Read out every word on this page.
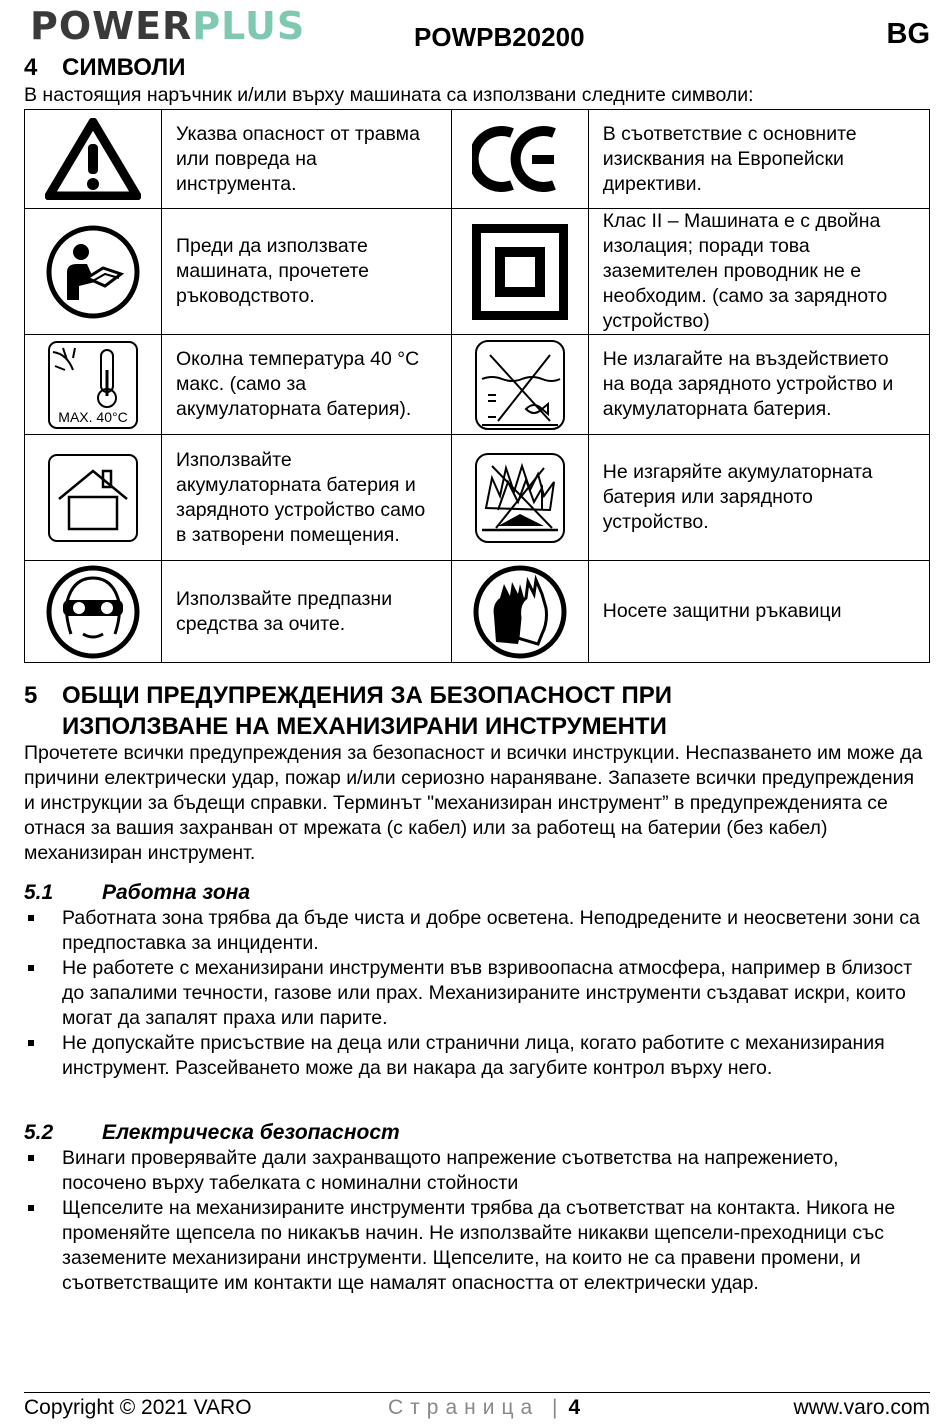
POWERPLUS	POWPB20200	BG
4 СИМВОЛИ
В настоящия наръчник и/или върху машината са използвани следните символи:
	Указва опасност от травма или повреда на инструмента.		В съответствие с основните изисквания на Европейски директиви.

	Преди да използвате машината, прочетете ръководството.		Клас II – Машината е с двойна изолация; поради това заземителен проводник не е необходим. (само за зарядното устройство)

MAX. 40°C	Околна температура 40 °C макс. (само за акумулаторната батерия).		Не излагайте на въздействието на вода зарядното устройство и акумулаторната батерия.

	Използвайте акумулаторната батерия и зарядното устройство само в затворени помещения.		Не изгаряйте акумулаторната батерия или зарядното устройство.

	Използвайте предпазни средства за очите.		Носете защитни ръкавици
5 ОБЩИ ПРЕДУПРЕЖДЕНИЯ ЗА БЕЗОПАСНОСТ ПРИ
ИЗПОЛЗВАНЕ НА МЕХАНИЗИРАНИ ИНСТРУМЕНТИ
Прочетете всички предупреждения за безопасност и всички инструкции. Неспазването им може да причини електрически удар, пожар и/или сериозно нараняване. Запазете всички предупреждения и инструкции за бъдещи справки. Терминът "механизиран инструмент” в предупрежденията се отнася за вашия захранван от мрежата (с кабел) или за работещ на батерии (без кабел) механизиран инструмент.
5.1 Работна зона
Работната зона трябва да бъде чиста и добре осветена. Неподредените и неосветени зони са предпоставка за инциденти.
Не работете с механизирани инструменти във взривоопасна атмосфера, например в близост до запалими течности, газове или прах. Механизираните инструменти създават искри, които могат да запалят праха или парите.
Не допускайте присъствие на деца или странични лица, когато работите с механизирания инструмент. Разсейването може да ви накара да загубите контрол върху него.
5.2 Електрическа безопасност
Винаги проверявайте дали захранващото напрежение съответства на напрежението, посочено върху табелката с номинални стойности
Щепселите на механизираните инструменти трябва да съответстват на контакта. Никога не променяйте щепсела по никакъв начин. Не използвайте никакви щепсели-преходници със заземените механизирани инструменти. Щепселите, на които не са правени промени, и съответстващите им контакти ще намалят опасността от електрически удар.
Copyright © 2021 VARO	Страница | 4	www.varo.com
